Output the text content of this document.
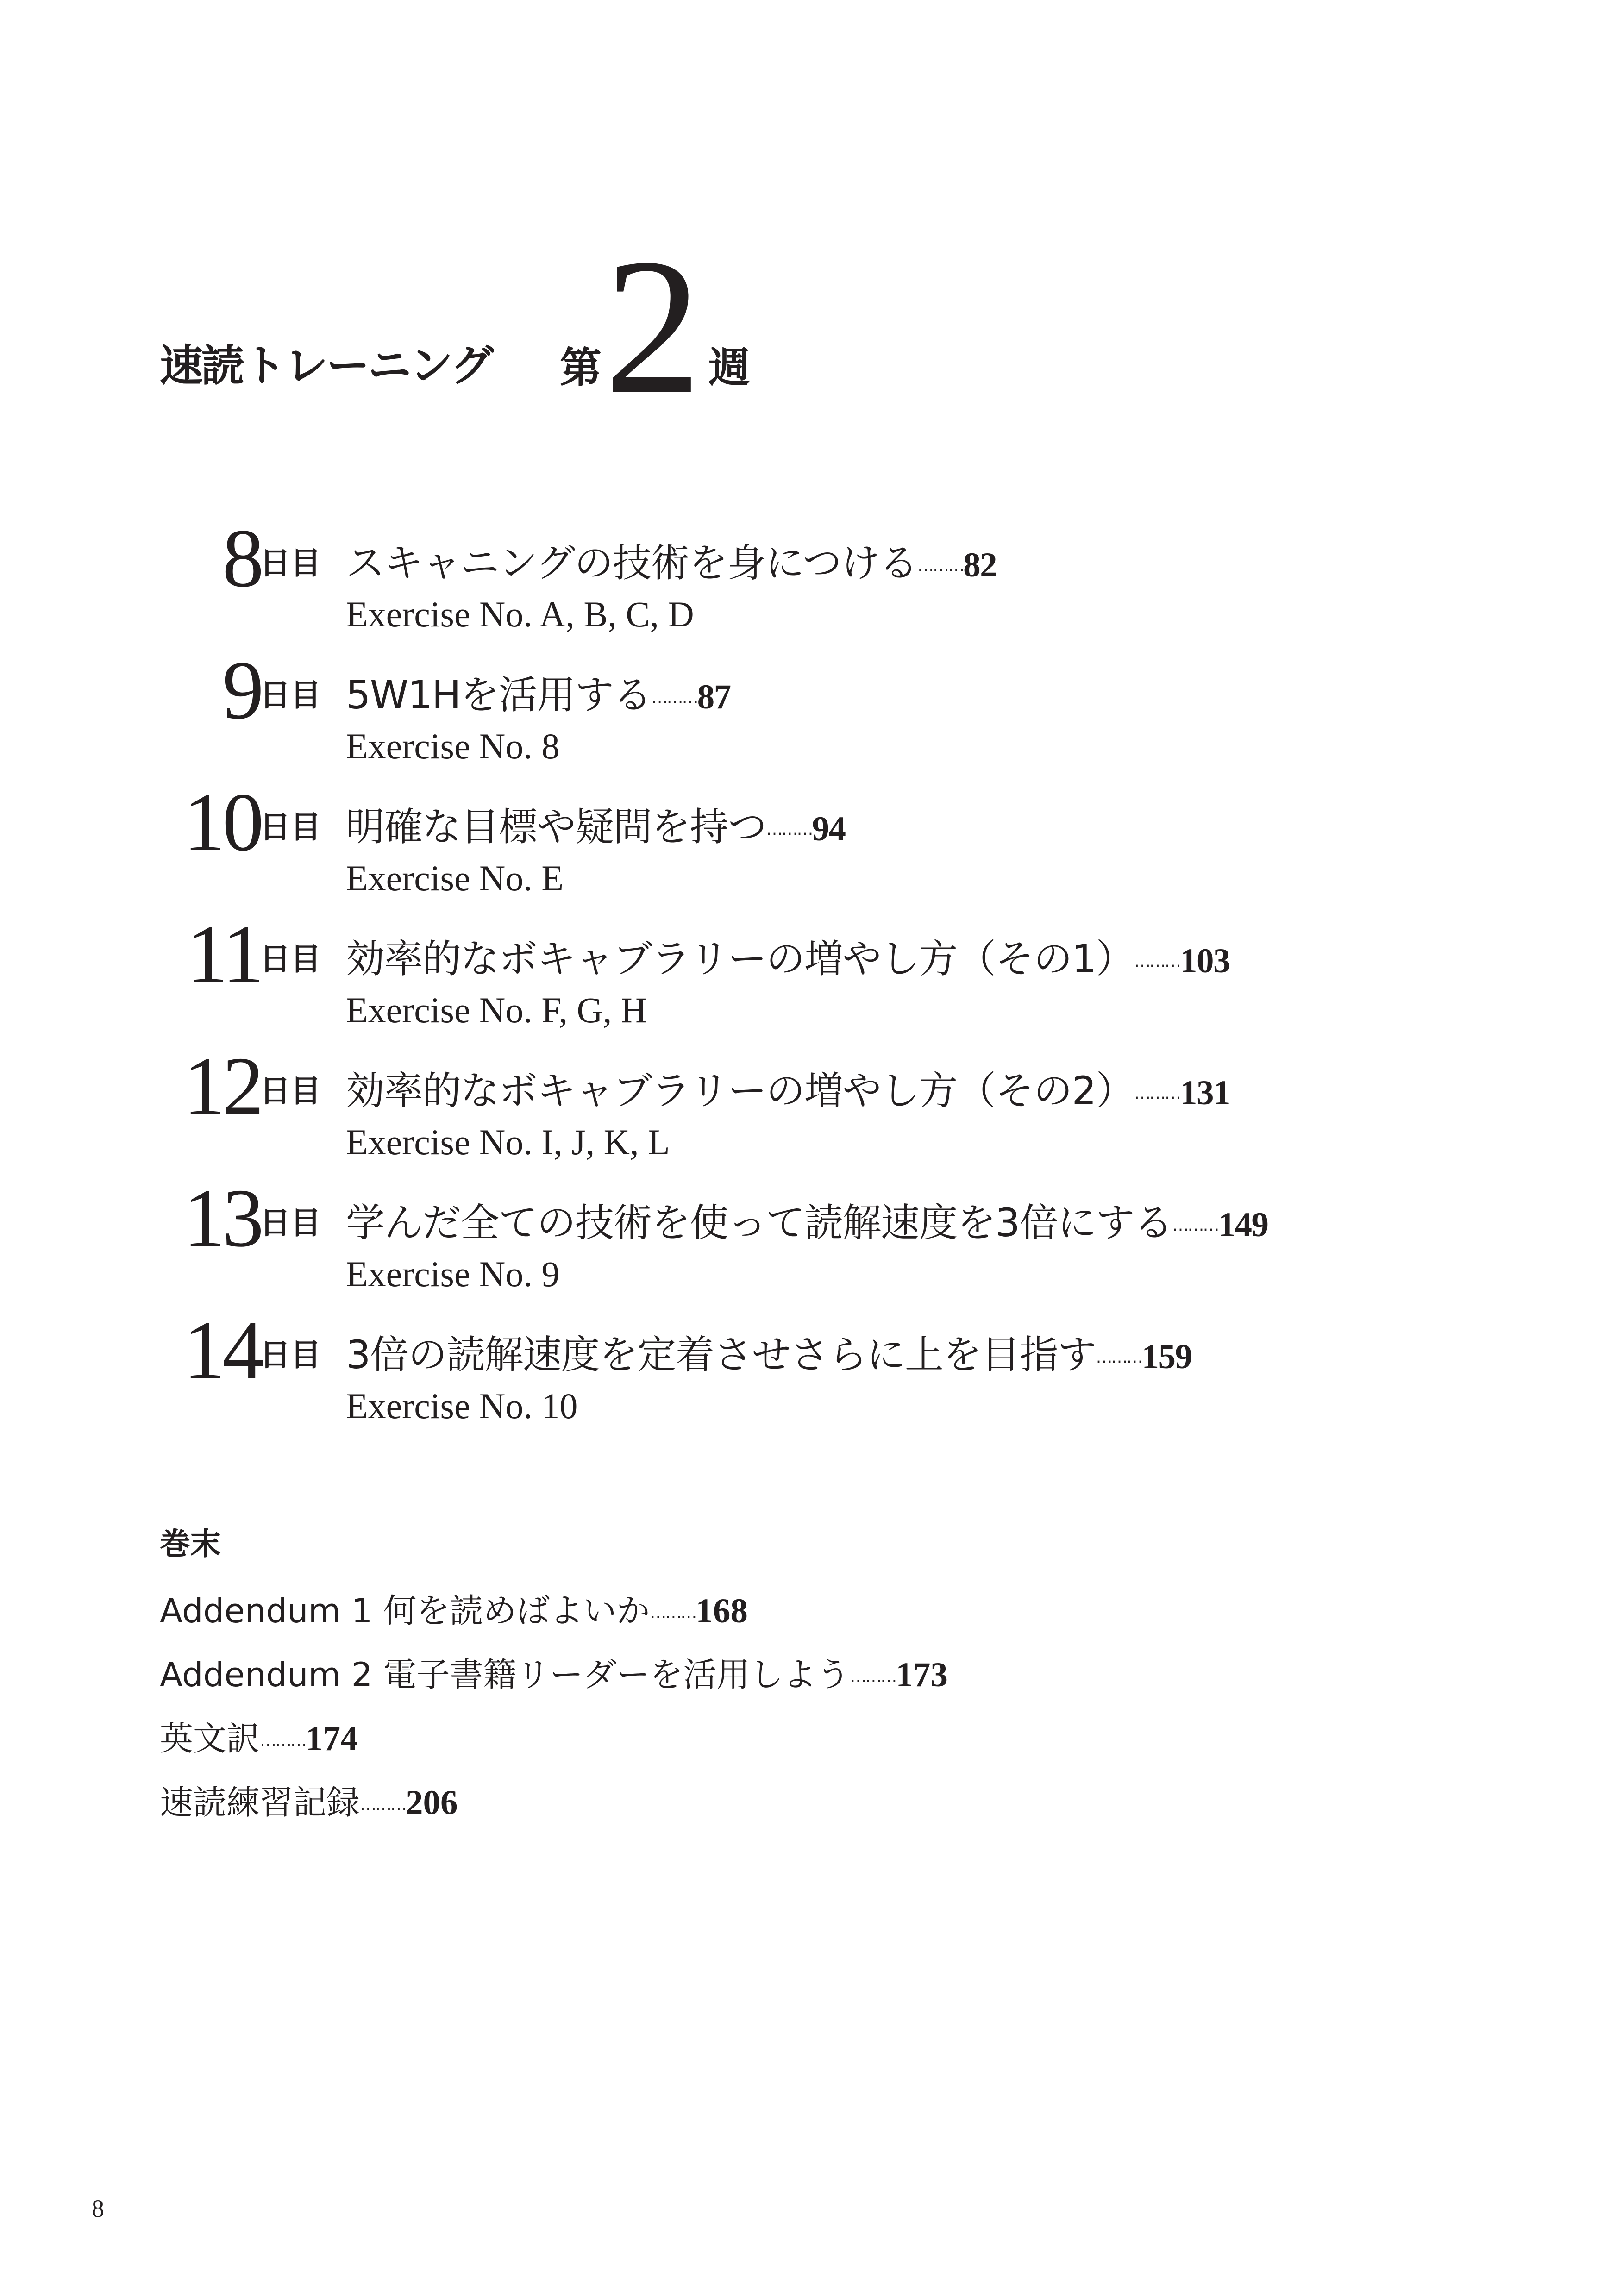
速読トレーニング	第 2 週
8
日目 スキャニングの技術を身につける………82
Exercise No. A, B, C, D
9
日目 5W1Hを活用する………87
Exercise No. 8
10
日目 明確な目標や疑問を持つ………94
Exercise No. E
11
日目 効率的なボキャブラリーの増やし方（その1）………103
Exercise No. F, G, H
12
日目 効率的なボキャブラリーの増やし方（その2）………131
Exercise No. I, J, K, L
13
日目 学んだ全ての技術を使って読解速度を3倍にする………149
Exercise No. 9
14
日目 3倍の読解速度を定着させさらに上を目指す………159
Exercise No. 10
巻末
Addendum 1 何を読めばよいか………168
Addendum 2 電子書籍リーダーを活用しよう………173
英文訳………174
速読練習記録………206
8
